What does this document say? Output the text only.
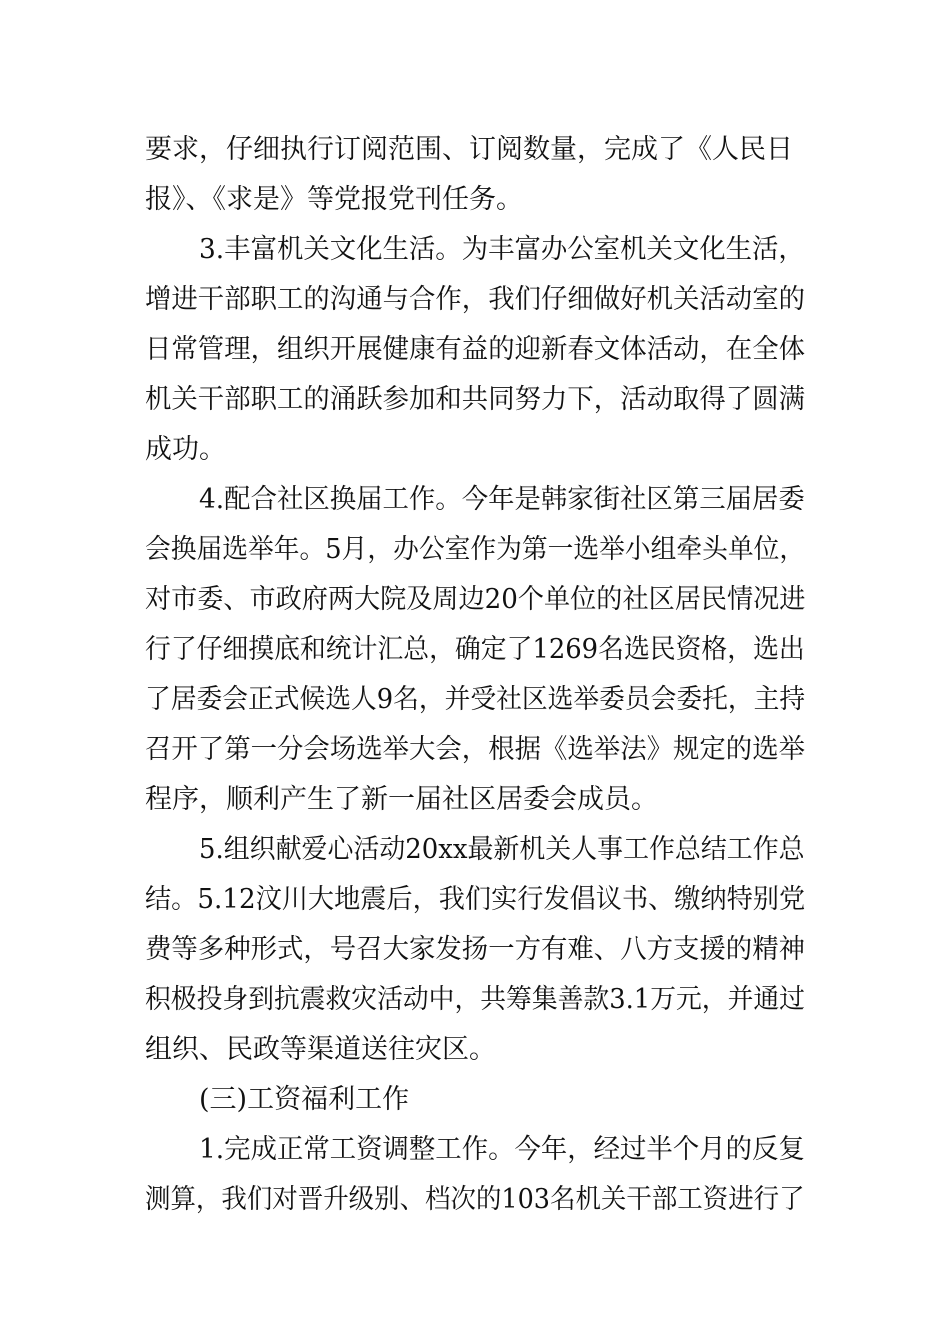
要求，仔细执行订阅范围、订阅数量，完成了《人民日
报》、《求是》等党报党刊任务。
3.丰富机关文化生活。为丰富办公室机关文化生活，
增进干部职工的沟通与合作，我们仔细做好机关活动室的
日常管理，组织开展健康有益的迎新春文体活动，在全体
机关干部职工的涌跃参加和共同努力下，活动取得了圆满
成功。
4.配合社区换届工作。今年是韩家街社区第三届居委
会换届选举年。5月，办公室作为第一选举小组牵头单位，
对市委、市政府两大院及周边20个单位的社区居民情况进
行了仔细摸底和统计汇总，确定了1269名选民资格，选出
了居委会正式候选人9名，并受社区选举委员会委托，主持
召开了第一分会场选举大会，根据《选举法》规定的选举
程序，顺利产生了新一届社区居委会成员。
5.组织献爱心活动20xx最新机关人事工作总结工作总
结。5.12汶川大地震后，我们实行发倡议书、缴纳特别党
费等多种形式，号召大家发扬一方有难、八方支援的精神
积极投身到抗震救灾活动中，共筹集善款3.1万元，并通过
组织、民政等渠道送往灾区。
(三)工资福利工作
1.完成正常工资调整工作。今年，经过半个月的反复
测算，我们对晋升级别、档次的103名机关干部工资进行了
